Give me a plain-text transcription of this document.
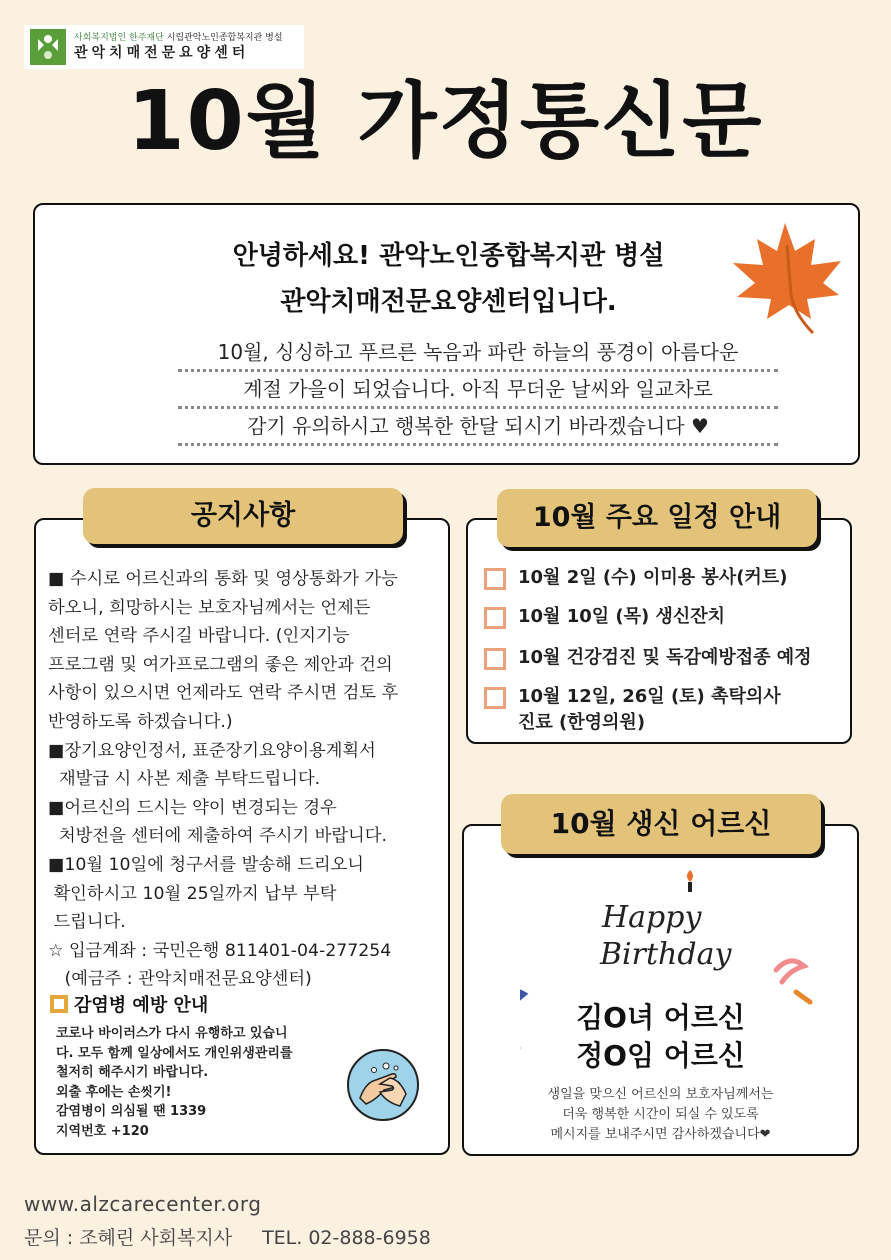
사회복지법인 한주재단 시립관악노인종합복지관 병설
관악치매전문요양센터
10월 가정통신문
안녕하세요! 관악노인종합복지관 병설
관악치매전문요양센터입니다.
10월, 싱싱하고 푸르른 녹음과 파란 하늘의 풍경이 아름다운
계절 가을이 되었습니다. 아직 무더운 날씨와 일교차로
감기 유의하시고 행복한 한달 되시기 바라겠습니다 ♥
공지사항
■ 수시로 어르신과의 통화 및 영상통화가 가능
하오니, 희망하시는 보호자님께서는 언제든
센터로 연락 주시길 바랍니다. (인지기능
프로그램 및 여가프로그램의 좋은 제안과 건의
사항이 있으시면 언제라도 연락 주시면 검토 후
반영하도록 하겠습니다.)
■장기요양인정서, 표준장기요양이용계획서
재발급 시 사본 제출 부탁드립니다.
■어르신의 드시는 약이 변경되는 경우
처방전을 센터에 제출하여 주시기 바랍니다.
■10월 10일에 청구서를 발송해 드리오니
확인하시고 10월 25일까지 납부 부탁
드립니다.
☆ 입금계좌 : 국민은행 811401-04-277254
(예금주 : 관악치매전문요양센터)
감염병 예방 안내
코로나 바이러스가 다시 유행하고 있습니
다. 모두 함께 일상에서도 개인위생관리를
철저히 해주시기 바랍니다.
외출 후에는 손씻기!
감염병이 의심될 땐 1339
지역번호 +120
10월 주요 일정 안내
10월 2일 (수) 이미용 봉사(커트)
10월 10일 (목) 생신잔치
10월 건강검진 및 독감예방접종 예정
10월 12일, 26일 (토) 촉탁의사
진료 (한영의원)
10월 생신 어르신
Happy
Birthday
김O녀 어르신
정O임 어르신
생일을 맞으신 어르신의 보호자님께서는
더욱 행복한 시간이 되실 수 있도록
메시지를 보내주시면 감사하겠습니다❤
www.alzcarecenter.org
문의 : 조혜린 사회복지사 TEL. 02-888-6958
